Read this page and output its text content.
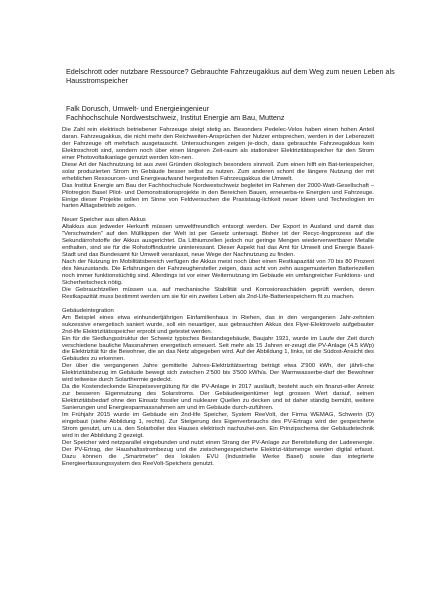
Edelschrott oder nutzbare Ressource? Gebrauchte Fahrzeugakkus auf dem Weg zum neuen Leben als Hausstromspeicher

Falk Dorusch, Umwelt- und Energieingenieur
Fachhochschule Nordwestschweiz, Institut Energie am Bau, Muttenz

Die Zahl rein elektrisch betriebener Fahrzeuge steigt stetig an. Besonders Pedelec-Velos haben einen hohen Anteil daran. Fahrzeugakkus, die nicht mehr den Reichweiten-Ansprüchen der Nutzer entsprechen, werden in der Lebenszeit der Fahrzeuge oft mehrfach ausgetauscht. Untersuchungen zeigen je-doch, dass gebrauchte Fahrzeugakkus kein Elektroschrott sind, sondern noch über einen längeren Zeit-raum als stationärer Elektrizitätsspeicher für den Strom einer Photovoltaikanlage genutzt werden kön-nen.

Diese Art der Nachnutzung ist aus zwei Gründen ökologisch besonders sinnvoll. Zum einen hilft ein Bat-teriespeicher, solar produzierten Strom im Gebäude besser selbst zu nutzen. Zum anderen schont die längere Nutzung der mit erheblichen Ressourcen- und Energieaufwand hergestellten Fahrzeugakkus die Umwelt.

Das Institut Energie am Bau der Fachhochschule Nordwestschweiz begleitet im Rahmen der 2000-Watt-Gesellschaft – Pilotregion Basel Pilot- und Demonstrationsprojekte in den Bereichen Bauen, erneuerba-re Energien und Fahrzeuge. Einige dieser Projekte sollen im Sinne von Feldversuchen die Praxistaug-lichkeit neuer Ideen und Technologien im harten Alltagsbetrieb zeigen.

Neuer Speicher aus alten Akkus

Altakkus aus jedweder Herkunft müssen umweltfreundlich entsorgt werden. Der Export in Ausland und damit das "Verschwinden" auf den Müllkippen der Welt ist per Gesetz untersagt. Bisher ist der Recyc-lingprozess auf die Sekundärrohstoffe der Akkus ausgerichtet. Da Lithiumzellen jedoch nur geringe Mengen wiederverwertbarer Metalle enthalten, sind sie für die Rohstoffindustrie uninteressant. Dieser Aspekt hat das Amt für Umwelt und Energie Basel-Stadt und das Bundesamt für Umwelt veranlasst, neue Wege der Nachnutzung zu finden.

Nach der Nutzung im Mobilitätsbereich verfügen die Akkus meist noch über einen Restkapazität von 70 bis 80 Prozent des Neuzustands. Die Erfahrungen der Fahrzeughersteller zeigen, dass acht von zehn ausgemusterten Batteriezellen noch immer funktionstüchtig sind. Allerdings ist vor einer Weiternutzung im Gebäude ein umfangreicher Funktions- und Sicherheitscheck nötig.

Die Gebrauchtzellen müssen u.a. auf mechanische Stabilität und Korrosionsschäden geprüft werden, deren Restkapazität muss bestimmt werden um sie für ein zweites Leben als 2nd-Life-Batteriespeichern fit zu machen.

Gebäudeintegration

Am Beispiel eines etwa einhundertjährigen Einfamilienhaus in Riehen, das in den vergangenen Jahr-zehnten sukzessive energetisch saniert wurde, soll ein neuartiger, aus gebrauchten Akkus des Flyer-Elektrovelo aufgebauter 2nd-life Elektrizitätsspeicher erprobt und getestet werden.

Ein für die Siedlungsstruktur der Schweiz typisches Bestandsgebäude, Baujahr 1921, wurde im Laufe der Zeit durch verschiedene bauliche Massnahmen energetisch erneuert. Seit mehr als 15 Jahren er-zeugt die PV-Anlage (4.5 kWp) die Elektrizität für die Bewohner, die an das Netz abgegeben wird. Auf der Abbildung 1, links, ist die Südost-Ansicht des Gebäudes zu erkennen.

Der über die vergangenen Jahre gemittelte Jahres-Elektrizitätsertrag beträgt etwa 2'900 kWh, der jährli-che Elektrizitätsbezug im Gebäude bewegt sich zwischen 2'500 bis 3'500 kWh/a. Der Warmwasserbe-darf der Bewohner wird teilweise durch Solarthermie gedeckt.

Da die Kostendeckende Einspeisevergütung für die PV-Anlage in 2017 ausläuft, besteht auch ein finanzi-eller Anreiz zur besseren Eigennutzung des Solarstroms. Der Gebäudeeigentümer legt grossen Wert darauf, seinen Elektrizitätsbedarf ohne den Einsatz fossiler und nuklearer Quellen zu decken und ist daher ständig bemüht, weitere Sanierungen und Energiesparmassnahmen am und im Gebäude durch-zuführen.

Im Frühjahr 2015 wurde im Gebäude ein 2nd-life Speicher, System ReeVolt, der Firma WEMAG, Schwerin (D) eingebaut (siehe Abbildung 1, rechts). Zur Steigerung des Eigenverbrauchs des PV-Ertrags wird der gespeicherte Strom genutzt, um u.a. den Solarboiler des Hauses elektrisch nachzuhei-zen. Ein Prinzipschema der Gebäudetechnik wird in der Abbildung 2 gezeigt.

Der Speicher wird netzparallel eingebunden und nutzt einen Strang der PV-Anlage zur Bereitstellung der Ladeenergie. Der PV-Ertrag, der Haushaltsstrombezug und die zwischengespeicherte Elektrizi-tätsmenge werden digital erfasst. Dazu können die „Smartmeter" des lokalen EVU (Industrielle Werke Basel) sowie das integrierte Energieerfassungssystem des ReeVolt-Speichers genutzt.
